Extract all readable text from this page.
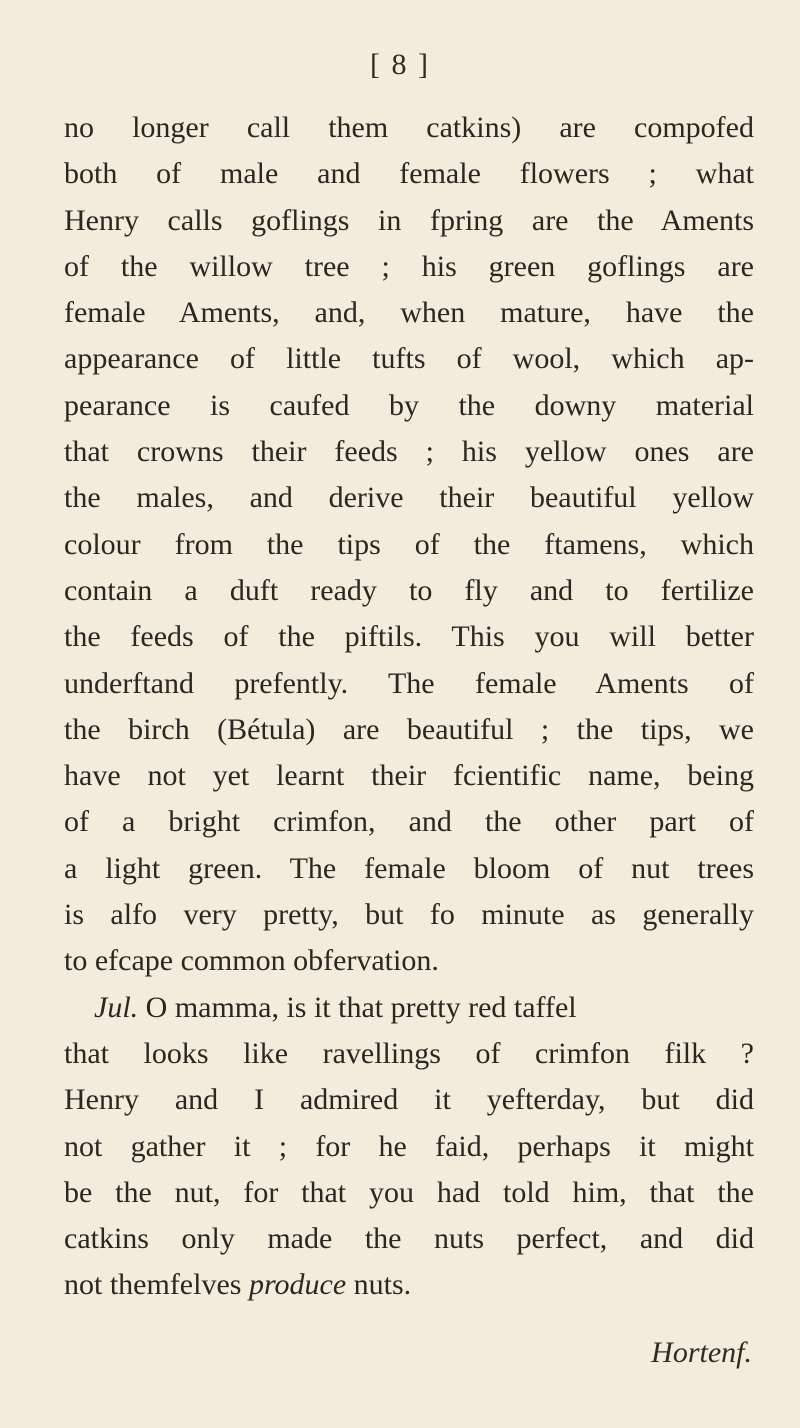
[ 8 ]
no longer call them catkins) are compofed
both of male and female flowers ; what
Henry calls goflings in fpring are the Aments
of the willow tree ; his green goflings are
female Aments, and, when mature, have the
appearance of little tufts of wool, which ap-
pearance is caufed by the downy material
that crowns their feeds ; his yellow ones are
the males, and derive their beautiful yellow
colour from the tips of the ftamens, which
contain a duft ready to fly and to fertilize
the feeds of the piftils. This you will better
underftand prefently. The female Aments of
the birch (Bétula) are beautiful ; the tips, we
have not yet learnt their fcientific name, being
of a bright crimfon, and the other part of
a light green. The female bloom of nut trees
is alfo very pretty, but fo minute as generally
to efcape common obfervation.
Jul. O mamma, is it that pretty red taffel
that looks like ravellings of crimfon filk ?
Henry and I admired it yefterday, but did
not gather it ; for he faid, perhaps it might
be the nut, for that you had told him, that the
catkins only made the nuts perfect, and did
not themfelves produce nuts.
Hortenf.
